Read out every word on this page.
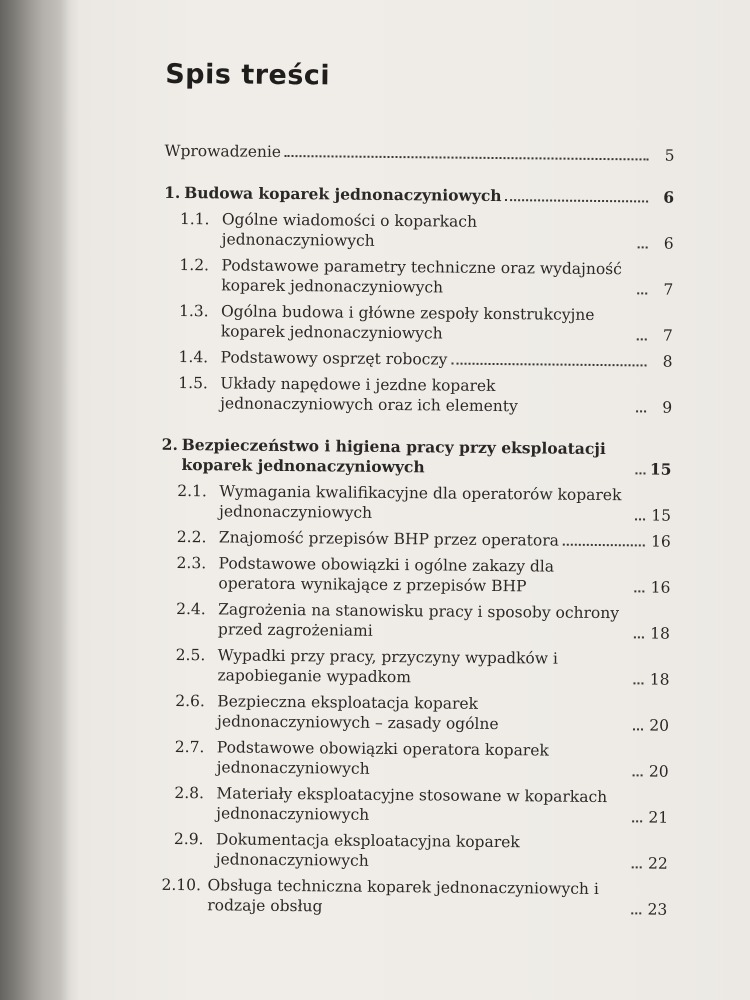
Spis treści
Wprowadzenie	5
1. Budowa koparek jednonaczyniowych	6
1.1. Ogólne wiadomości o koparkach jednonaczyniowych	6
1.2. Podstawowe parametry techniczne oraz wydajność koparek jednonaczyniowych	7
1.3. Ogólna budowa i główne zespoły konstrukcyjne koparek jednonaczyniowych	7
1.4. Podstawowy osprzęt roboczy	8
1.5. Układy napędowe i jezdne koparek jednonaczyniowych oraz ich elementy	9
2. Bezpieczeństwo i higiena pracy przy eksploatacji koparek jednonaczyniowych	15
2.1. Wymagania kwalifikacyjne dla operatorów koparek jednonaczyniowych	15
2.2. Znajomość przepisów BHP przez operatora	16
2.3. Podstawowe obowiązki i ogólne zakazy dla operatora wynikające z przepisów BHP	16
2.4. Zagrożenia na stanowisku pracy i sposoby ochrony przed zagrożeniami	18
2.5. Wypadki przy pracy, przyczyny wypadków i zapobieganie wypadkom	18
2.6. Bezpieczna eksploatacja koparek jednonaczyniowych – zasady ogólne	20
2.7. Podstawowe obowiązki operatora koparek jednonaczyniowych	20
2.8. Materiały eksploatacyjne stosowane w koparkach jednonaczyniowych	21
2.9. Dokumentacja eksploatacyjna koparek jednonaczyniowych	22
2.10. Obsługa techniczna koparek jednonaczyniowych i rodzaje obsług	23
